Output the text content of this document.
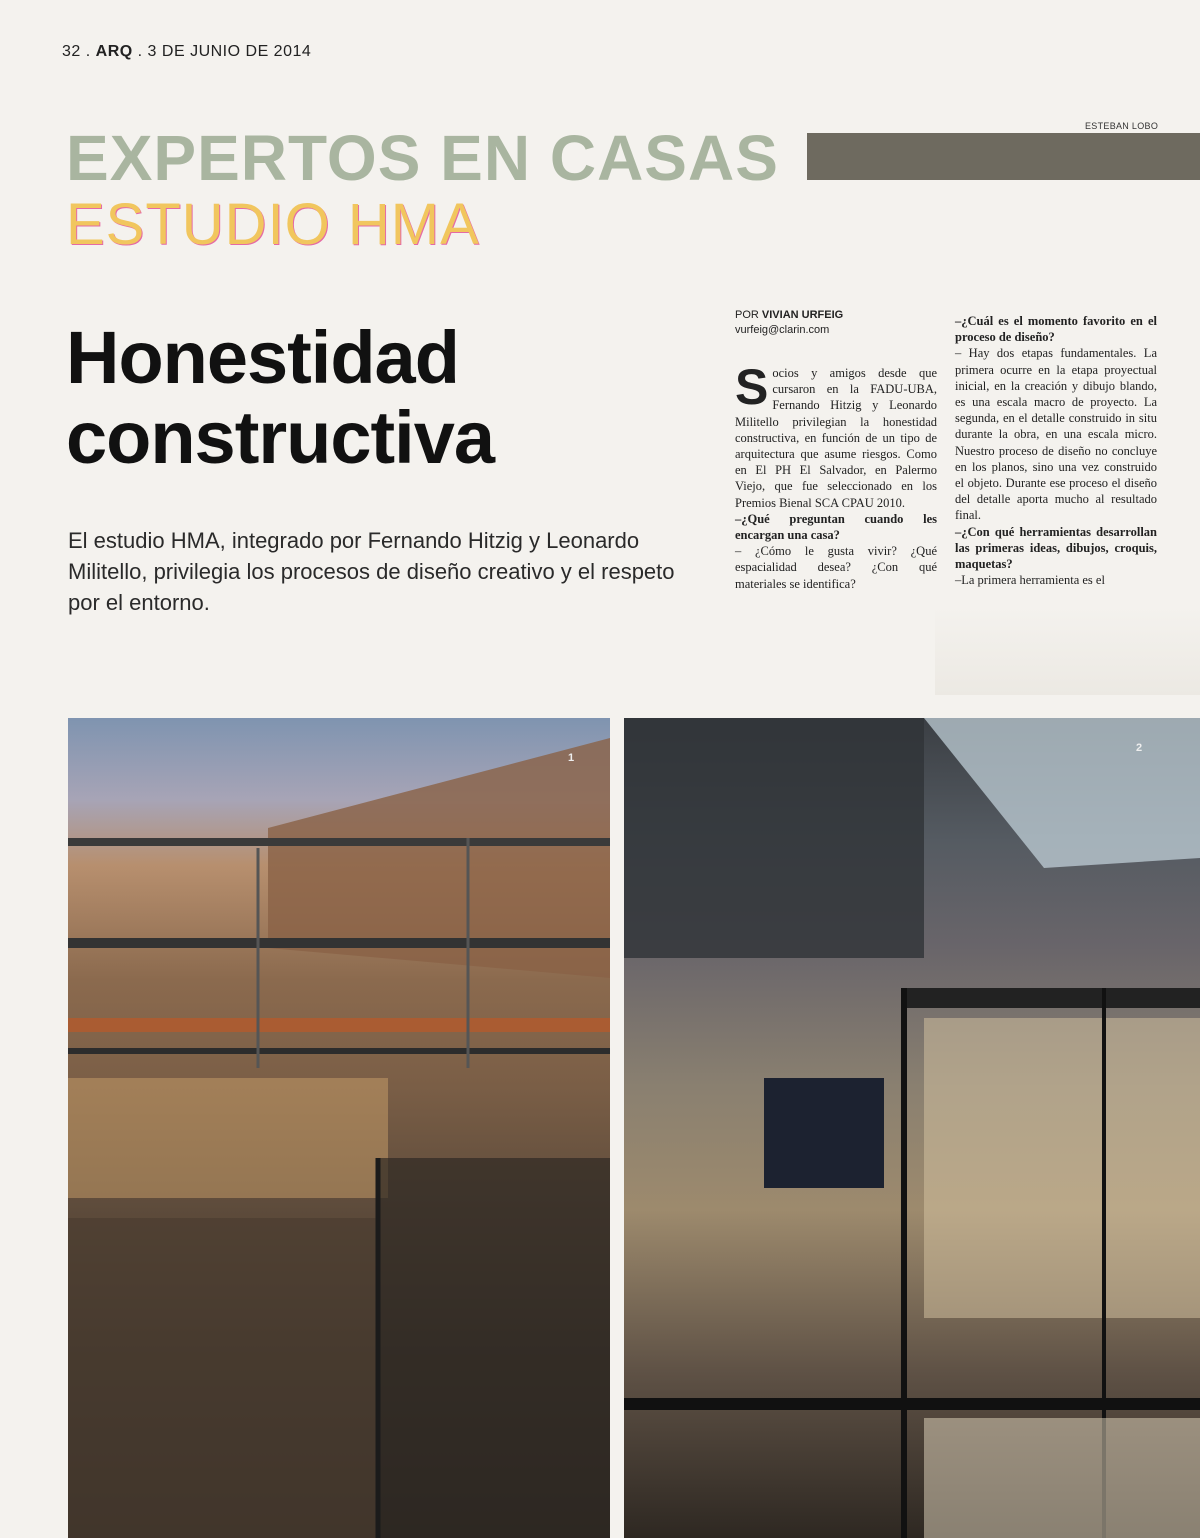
32 . ARQ . 3 DE JUNIO DE 2014
ESTEBAN LOBO
EXPERTOS EN CASAS
ESTUDIO HMA
Honestidad
constructiva
El estudio HMA, integrado por Fernando Hitzig y Leonardo Militello, privilegia los procesos de diseño creativo y el respeto por el entorno.
POR VIVIAN URFEIG
vurfeig@clarin.com
S ocios y amigos desde que cursaron en la FADU-UBA, Fernando Hitzig y Leonardo Militello privilegian la honestidad constructiva, en función de un tipo de arquitectura que asume riesgos. Como en El PH El Salvador, en Palermo Viejo, que fue seleccionado en los Premios Bienal SCA CPAU 2010.

–¿Qué preguntan cuando les encargan una casa?

– ¿Cómo le gusta vivir? ¿Qué espacialidad desea? ¿Con qué materiales se identifica?

–¿Cuál es el momento favorito en el proceso de diseño?

– Hay dos etapas fundamentales. La primera ocurre en la etapa proyectual inicial, en la creación y dibujo blando, es una escala macro de proyecto. La segunda, en el detalle construido in situ durante la obra, en una escala micro. Nuestro proceso de diseño no concluye en los planos, sino una vez construido el objeto. Durante ese proceso el diseño del detalle aporta mucho al resultado final.

–¿Con qué herramientas desarrollan las primeras ideas, dibujos, croquis, maquetas?

–La primera herramienta es el

1
2
